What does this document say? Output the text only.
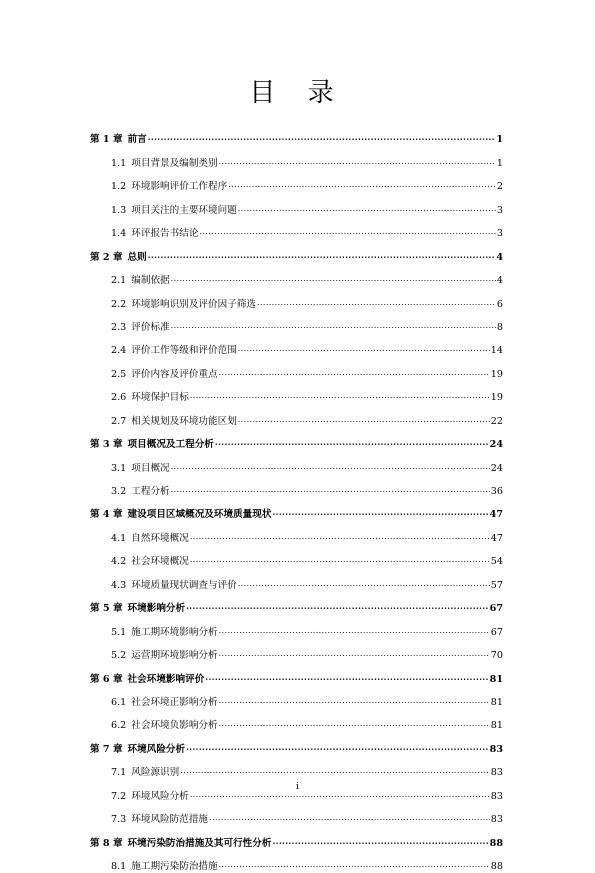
目 录
第 1 章 前言 .....	1
1.1 项目背景及编制类别 .....	1
1.2 环境影响评价工作程序 .....	2
1.3 项目关注的主要环境问题 .....	3
1.4 环评报告书结论 .....	3
第 2 章 总则 .....	4
2.1 编制依据 .....	4
2.2 环境影响识别及评价因子筛选 .....	6
2.3 评价标准 .....	8
2.4 评价工作等级和评价范围 .....	14
2.5 评价内容及评价重点 .....	19
2.6 环境保护目标 .....	19
2.7 相关规划及环境功能区划 .....	22
第 3 章 项目概况及工程分析 .....	24
3.1 项目概况 .....	24
3.2 工程分析 .....	36
第 4 章 建设项目区域概况及环境质量现状 .....	47
4.1 自然环境概况 .....	47
4.2 社会环境概况 .....	54
4.3 环境质量现状调查与评价 .....	57
第 5 章 环境影响分析 .....	67
5.1 施工期环境影响分析 .....	67
5.2 运营期环境影响分析 .....	70
第 6 章 社会环境影响评价 .....	81
6.1 社会环境正影响分析 .....	81
6.2 社会环境负影响分析 .....	81
第 7 章 环境风险分析 .....	83
7.1 风险源识别 .....	83
7.2 环境风险分析 .....	83
7.3 环境风险防范措施 .....	83
第 8 章 环境污染防治措施及其可行性分析 .....	88
8.1 施工期污染防治措施 .....	88
i
